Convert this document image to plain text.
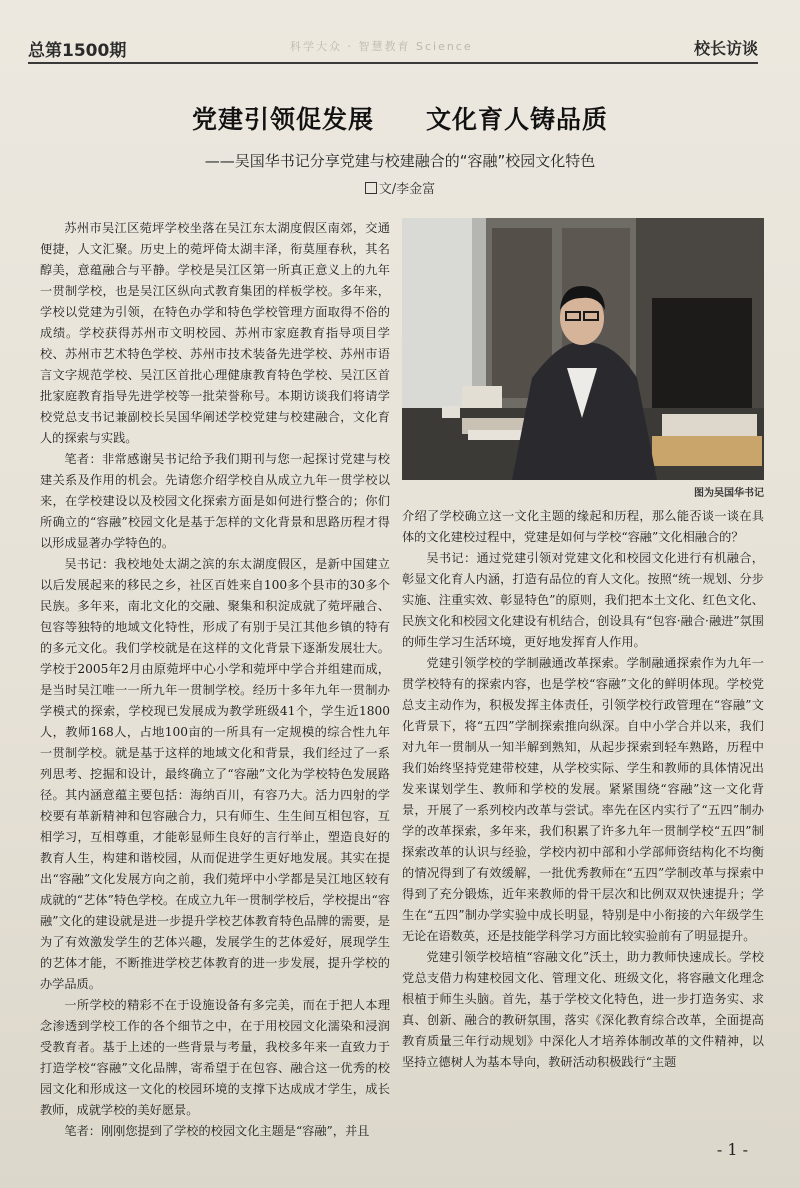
总第1500期	科学大众 · 智慧教育 Science	校长访谈
党建引领促发展　　文化育人铸品质
——吴国华书记分享党建与校建融合的“容融”校园文化特色
文/李金富

苏州市吴江区菀坪学校坐落在吴江东太湖度假区南郊，交通便捷，人文汇聚。历史上的菀坪倚太湖丰泽，衔莫厘春秋，其名醇美，意蕴融合与平静。学校是吴江区第一所真正意义上的九年一贯制学校，也是吴江区纵向式教育集团的样板学校。多年来，学校以党建为引领，在特色办学和特色学校管理方面取得不俗的成绩。学校获得苏州市文明校园、苏州市家庭教育指导项目学校、苏州市艺术特色学校、苏州市技术装备先进学校、苏州市语言文字规范学校、吴江区首批心理健康教育特色学校、吴江区首批家庭教育指导先进学校等一批荣誉称号。本期访谈我们将请学校党总支书记兼副校长吴国华阐述学校党建与校建融合，文化育人的探索与实践。

笔者：非常感谢吴书记给予我们期刊与您一起探讨党建与校建关系及作用的机会。先请您介绍学校自从成立九年一贯学校以来，在学校建设以及校园文化探索方面是如何进行整合的；你们所确立的“容融”校园文化是基于怎样的文化背景和思路历程才得以形成显著办学特色的。

吴书记：我校地处太湖之滨的东太湖度假区，是新中国建立以后发展起来的移民之乡，社区百姓来自100多个县市的30多个民族。多年来，南北文化的交融、聚集和积淀成就了菀坪融合、包容等独特的地域文化特性，形成了有别于吴江其他乡镇的特有的多元文化。我们学校就是在这样的文化背景下逐渐发展壮大。学校于2005年2月由原菀坪中心小学和菀坪中学合并组建而成，是当时吴江唯一一所九年一贯制学校。经历十多年九年一贯制办学模式的探索，学校现已发展成为教学班级41个，学生近1800人，教师168人，占地100亩的一所具有一定规模的综合性九年一贯制学校。就是基于这样的地域文化和背景，我们经过了一系列思考、挖掘和设计，最终确立了“容融”文化为学校特色发展路径。其内涵意蕴主要包括：海纳百川，有容乃大。活力四射的学校要有革新精神和包容融合力，只有师生、生生间互相包容，互相学习，互相尊重，才能彰显师生良好的言行举止，塑造良好的教育人生，构建和谐校园，从而促进学生更好地发展。其实在提出“容融”文化发展方向之前，我们菀坪中小学都是吴江地区较有成就的“艺体”特色学校。在成立九年一贯制学校后，学校提出“容融”文化的建设就是进一步提升学校艺体教育特色品牌的需要，是为了有效激发学生的艺体兴趣，发展学生的艺体爱好，展现学生的艺体才能，不断推进学校艺体教育的进一步发展，提升学校的办学品质。

一所学校的精彩不在于设施设备有多完美，而在于把人本理念渗透到学校工作的各个细节之中，在于用校园文化濡染和浸润受教育者。基于上述的一些背景与考量，我校多年来一直致力于打造学校“容融”文化品牌，寄希望于在包容、融合这一优秀的校园文化和形成这一文化的校园环境的支撑下达成成才学生，成长教师，成就学校的美好愿景。

笔者：刚刚您提到了学校的校园文化主题是“容融”，并且

图为吴国华书记

介绍了学校确立这一文化主题的缘起和历程，那么能否谈一谈在具体的文化建校过程中，党建是如何与学校“容融”文化相融合的？

吴书记：通过党建引领对党建文化和校园文化进行有机融合，彰显文化育人内涵，打造有品位的育人文化。按照“统一规划、分步实施、注重实效、彰显特色”的原则，我们把本土文化、红色文化、民族文化和校园文化建设有机结合，创设具有“包容·融合·融进”氛围的师生学习生活环境，更好地发挥育人作用。

党建引领学校的学制融通改革探索。学制融通探索作为九年一贯学校特有的探索内容，也是学校“容融”文化的鲜明体现。学校党总支主动作为，积极发挥主体责任，引领学校行政管理在“容融”文化背景下，将“五四”学制探索推向纵深。自中小学合并以来，我们对九年一贯制从一知半解到熟知，从起步探索到轻车熟路，历程中我们始终坚持党建带校建，从学校实际、学生和教师的具体情况出发来谋划学生、教师和学校的发展。紧紧围绕“容融”这一文化背景，开展了一系列校内改革与尝试。率先在区内实行了“五四”制办学的改革探索，多年来，我们积累了许多九年一贯制学校“五四”制探索改革的认识与经验，学校内初中部和小学部师资结构化不均衡的情况得到了有效缓解，一批优秀教师在“五四”学制改革与探索中得到了充分锻炼，近年来教师的骨干层次和比例双双快速提升；学生在“五四”制办学实验中成长明显，特别是中小衔接的六年级学生无论在语数英，还是技能学科学习方面比较实验前有了明显提升。

党建引领学校培植“容融文化”沃土，助力教师快速成长。学校党总支借力构建校园文化、管理文化、班级文化，将容融文化理念根植于师生头脑。首先，基于学校文化特色，进一步打造务实、求真、创新、融合的教研氛围，落实《深化教育综合改革，全面提高教育质量三年行动规划》中深化人才培养体制改革的文件精神，以坚持立德树人为基本导向，教研活动积极践行“主题

- 1 -
